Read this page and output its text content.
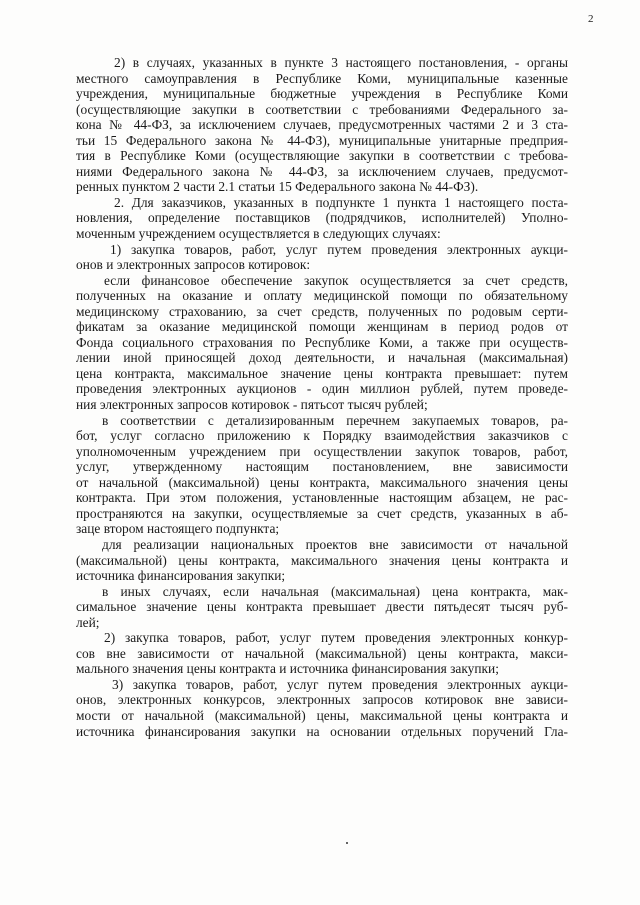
2
2) в случаях, указанных в пункте 3 настоящего постановления, - органы
местного самоуправления в Республике Коми, муниципальные казенные
учреждения, муниципальные бюджетные учреждения в Республике Коми
(осуществляющие закупки в соответствии с требованиями Федерального за-
кона № 44-ФЗ, за исключением случаев, предусмотренных частями 2 и 3 ста-
тьи 15 Федерального закона № 44-ФЗ), муниципальные унитарные предприя-
тия в Республике Коми (осуществляющие закупки в соответствии с требова-
ниями Федерального закона № 44-ФЗ, за исключением случаев, предусмот-
ренных пунктом 2 части 2.1 статьи 15 Федерального закона № 44-ФЗ).
2. Для заказчиков, указанных в подпункте 1 пункта 1 настоящего поста-
новления, определение поставщиков (подрядчиков, исполнителей) Уполно-
моченным учреждением осуществляется в следующих случаях:
1) закупка товаров, работ, услуг путем проведения электронных аукци-
онов и электронных запросов котировок:
если финансовое обеспечение закупок осуществляется за счет средств,
полученных на оказание и оплату медицинской помощи по обязательному
медицинскому страхованию, за счет средств, полученных по родовым серти-
фикатам за оказание медицинской помощи женщинам в период родов от
Фонда социального страхования по Республике Коми, а также при осуществ-
лении иной приносящей доход деятельности, и начальная (максимальная)
цена контракта, максимальное значение цены контракта превышает: путем
проведения электронных аукционов - один миллион рублей, путем проведе-
ния электронных запросов котировок - пятьсот тысяч рублей;
в соответствии с детализированным перечнем закупаемых товаров, ра-
бот, услуг согласно приложению к Порядку взаимодействия заказчиков с
уполномоченным учреждением при осуществлении закупок товаров, работ,
услуг, утвержденному настоящим постановлением, вне зависимости
от начальной (максимальной) цены контракта, максимального значения цены
контракта. При этом положения, установленные настоящим абзацем, не рас-
пространяются на закупки, осуществляемые за счет средств, указанных в аб-
заце втором настоящего подпункта;
для реализации национальных проектов вне зависимости от начальной
(максимальной) цены контракта, максимального значения цены контракта и
источника финансирования закупки;
в иных случаях, если начальная (максимальная) цена контракта, мак-
симальное значение цены контракта превышает двести пятьдесят тысяч руб-
лей;
2) закупка товаров, работ, услуг путем проведения электронных конкур-
сов вне зависимости от начальной (максимальной) цены контракта, макси-
мального значения цены контракта и источника финансирования закупки;
3) закупка товаров, работ, услуг путем проведения электронных аукци-
онов, электронных конкурсов, электронных запросов котировок вне зависи-
мости от начальной (максимальной) цены, максимальной цены контракта и
источника финансирования закупки на основании отдельных поручений Гла-
